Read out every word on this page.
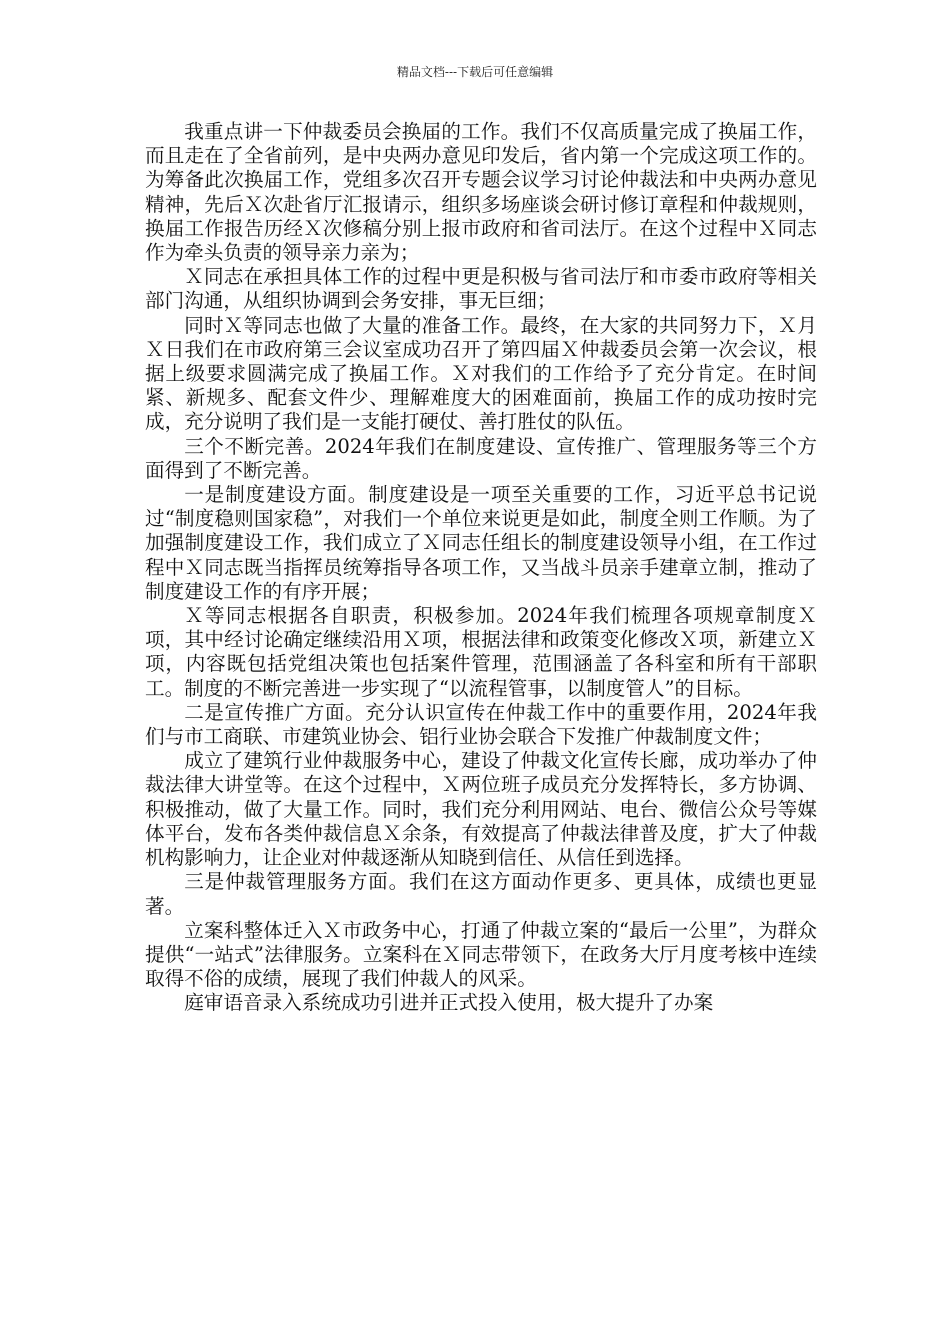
精品文档---下载后可任意编辑

我重点讲一下仲裁委员会换届的工作。我们不仅高质量完成了换届工作，而且走在了全省前列，是中央两办意见印发后，省内第一个完成这项工作的。为筹备此次换届工作，党组多次召开专题会议学习讨论仲裁法和中央两办意见精神，先后Ｘ次赴省厅汇报请示，组织多场座谈会研讨修订章程和仲裁规则，换届工作报告历经Ｘ次修稿分别上报市政府和省司法厅。在这个过程中Ｘ同志作为牵头负责的领导亲力亲为；

Ｘ同志在承担具体工作的过程中更是积极与省司法厅和市委市政府等相关部门沟通，从组织协调到会务安排，事无巨细；

同时Ｘ等同志也做了大量的准备工作。最终，在大家的共同努力下，Ｘ月Ｘ日我们在市政府第三会议室成功召开了第四届Ｘ仲裁委员会第一次会议，根据上级要求圆满完成了换届工作。Ｘ对我们的工作给予了充分肯定。在时间紧、新规多、配套文件少、理解难度大的困难面前，换届工作的成功按时完成，充分说明了我们是一支能打硬仗、善打胜仗的队伍。

三个不断完善。2024年我们在制度建设、宣传推广、管理服务等三个方面得到了不断完善。

一是制度建设方面。制度建设是一项至关重要的工作，习近平总书记说过“制度稳则国家稳”，对我们一个单位来说更是如此，制度全则工作顺。为了加强制度建设工作，我们成立了Ｘ同志任组长的制度建设领导小组，在工作过程中Ｘ同志既当指挥员统筹指导各项工作，又当战斗员亲手建章立制，推动了制度建设工作的有序开展；

Ｘ等同志根据各自职责，积极参加。2024年我们梳理各项规章制度Ｘ项，其中经讨论确定继续沿用Ｘ项，根据法律和政策变化修改Ｘ项，新建立Ｘ项，内容既包括党组决策也包括案件管理，范围涵盖了各科室和所有干部职工。制度的不断完善进一步实现了“以流程管事，以制度管人”的目标。

二是宣传推广方面。充分认识宣传在仲裁工作中的重要作用，2024年我们与市工商联、市建筑业协会、铝行业协会联合下发推广仲裁制度文件；

成立了建筑行业仲裁服务中心，建设了仲裁文化宣传长廊，成功举办了仲裁法律大讲堂等。在这个过程中，Ｘ两位班子成员充分发挥特长，多方协调、积极推动，做了大量工作。同时，我们充分利用网站、电台、微信公众号等媒体平台，发布各类仲裁信息Ｘ余条，有效提高了仲裁法律普及度，扩大了仲裁机构影响力，让企业对仲裁逐渐从知晓到信任、从信任到选择。

三是仲裁管理服务方面。我们在这方面动作更多、更具体，成绩也更显著。

立案科整体迁入Ｘ市政务中心，打通了仲裁立案的“最后一公里”，为群众提供“一站式”法律服务。立案科在Ｘ同志带领下，在政务大厅月度考核中连续取得不俗的成绩，展现了我们仲裁人的风采。

庭审语音录入系统成功引进并正式投入使用，极大提升了办案
